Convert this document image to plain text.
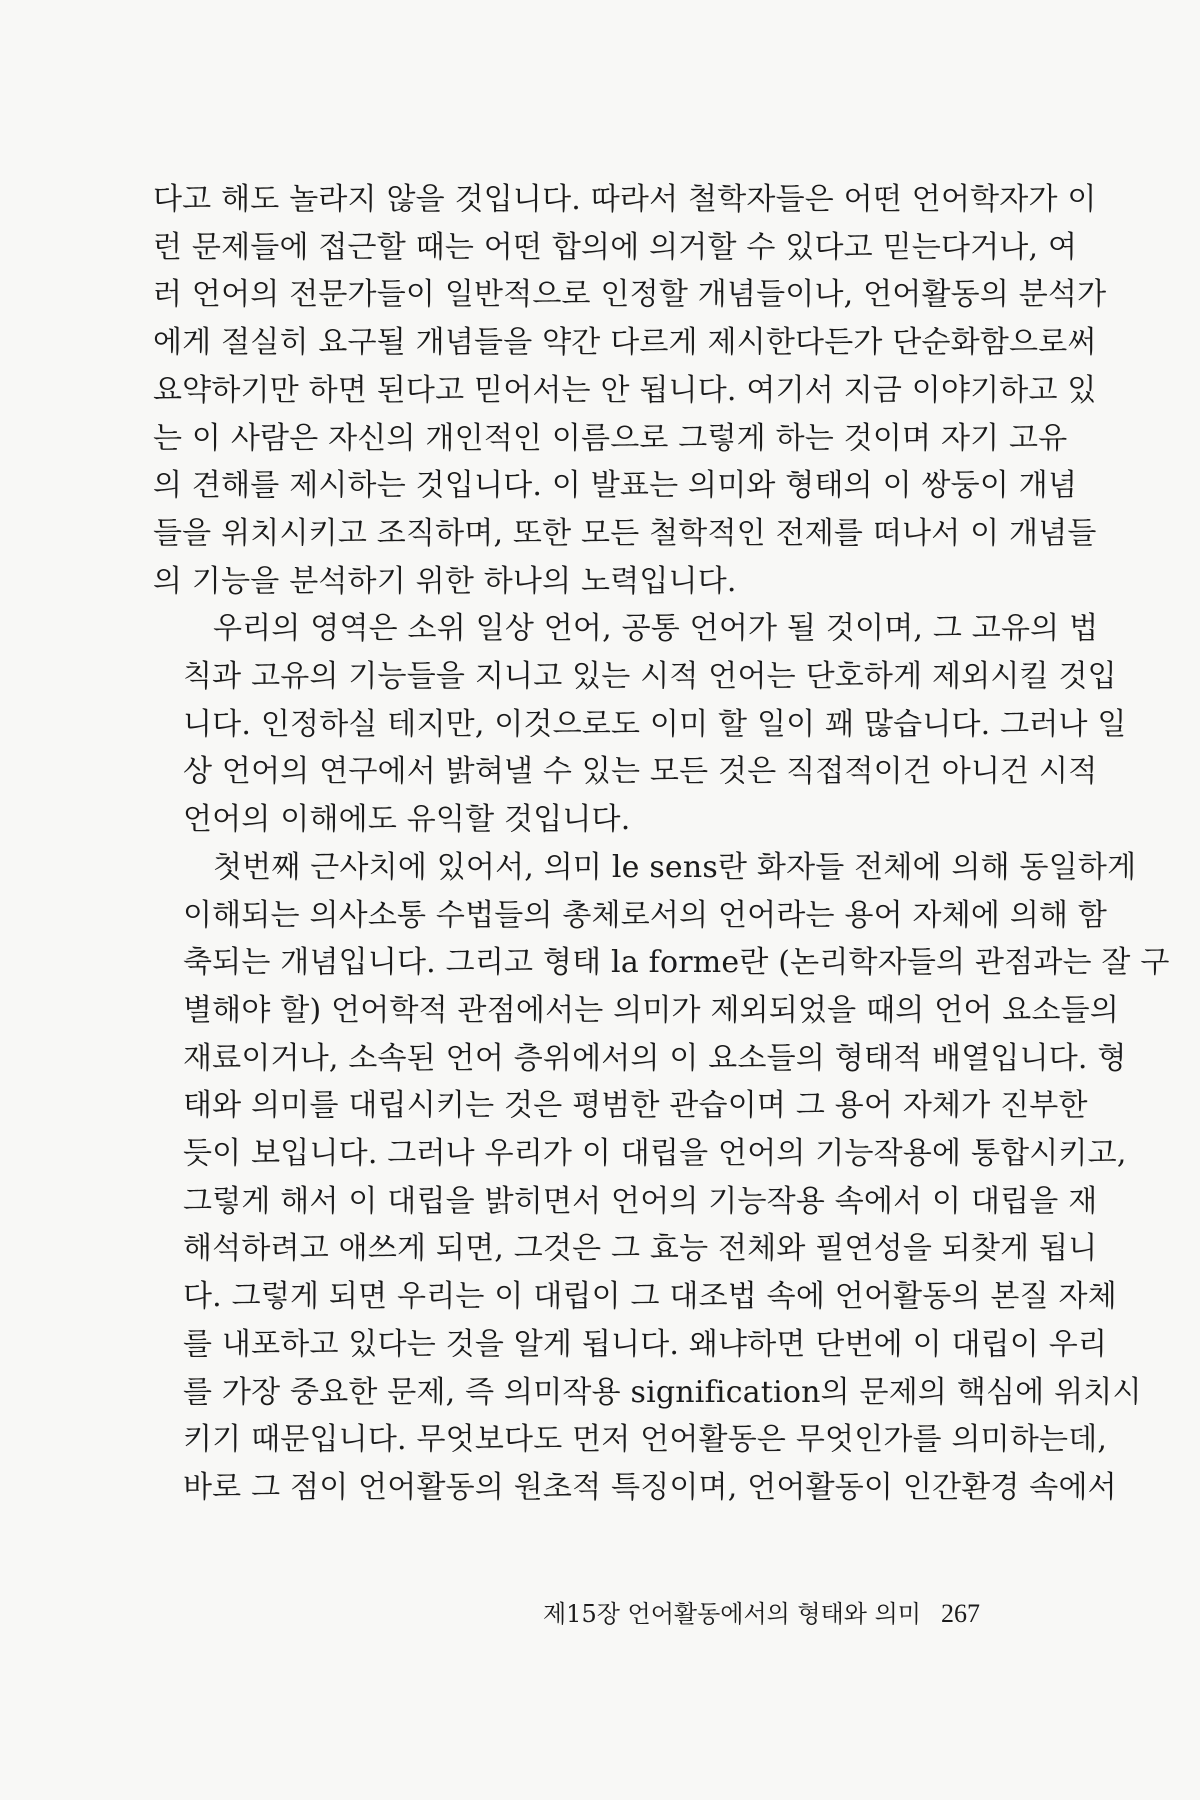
다고 해도 놀라지 않을 것입니다. 따라서 철학자들은 어떤 언어학자가 이
런 문제들에 접근할 때는 어떤 합의에 의거할 수 있다고 믿는다거나, 여
러 언어의 전문가들이 일반적으로 인정할 개념들이나, 언어활동의 분석가
에게 절실히 요구될 개념들을 약간 다르게 제시한다든가 단순화함으로써
요약하기만 하면 된다고 믿어서는 안 됩니다. 여기서 지금 이야기하고 있
는 이 사람은 자신의 개인적인 이름으로 그렇게 하는 것이며 자기 고유
의 견해를 제시하는 것입니다. 이 발표는 의미와 형태의 이 쌍둥이 개념
들을 위치시키고 조직하며, 또한 모든 철학적인 전제를 떠나서 이 개념들
의 기능을 분석하기 위한 하나의 노력입니다.

우리의 영역은 소위 일상 언어, 공통 언어가 될 것이며, 그 고유의 법
칙과 고유의 기능들을 지니고 있는 시적 언어는 단호하게 제외시킬 것입
니다. 인정하실 테지만, 이것으로도 이미 할 일이 꽤 많습니다. 그러나 일
상 언어의 연구에서 밝혀낼 수 있는 모든 것은 직접적이건 아니건 시적
언어의 이해에도 유익할 것입니다.

첫번째 근사치에 있어서, 의미 le sens란 화자들 전체에 의해 동일하게
이해되는 의사소통 수법들의 총체로서의 언어라는 용어 자체에 의해 함
축되는 개념입니다. 그리고 형태 la forme란 (논리학자들의 관점과는 잘 구
별해야 할) 언어학적 관점에서는 의미가 제외되었을 때의 언어 요소들의
재료이거나, 소속된 언어 층위에서의 이 요소들의 형태적 배열입니다. 형
태와 의미를 대립시키는 것은 평범한 관습이며 그 용어 자체가 진부한
듯이 보입니다. 그러나 우리가 이 대립을 언어의 기능작용에 통합시키고,
그렇게 해서 이 대립을 밝히면서 언어의 기능작용 속에서 이 대립을 재
해석하려고 애쓰게 되면, 그것은 그 효능 전체와 필연성을 되찾게 됩니
다. 그렇게 되면 우리는 이 대립이 그 대조법 속에 언어활동의 본질 자체
를 내포하고 있다는 것을 알게 됩니다. 왜냐하면 단번에 이 대립이 우리
를 가장 중요한 문제, 즉 의미작용 signification의 문제의 핵심에 위치시
키기 때문입니다. 무엇보다도 먼저 언어활동은 무엇인가를 의미하는데,
바로 그 점이 언어활동의 원초적 특징이며, 언어활동이 인간환경 속에서

제15장 언어활동에서의 형태와 의미 267
